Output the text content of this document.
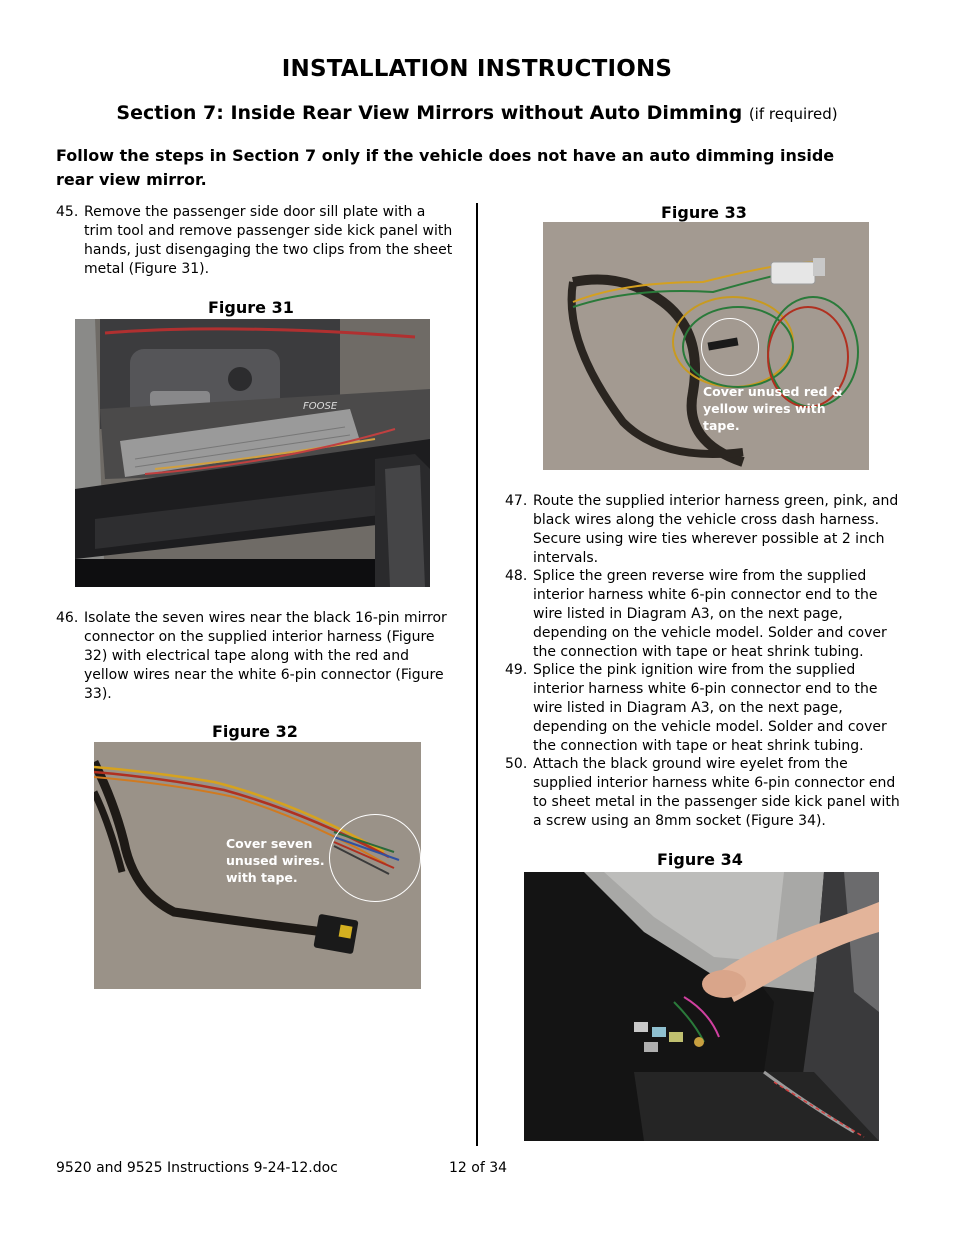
INSTALLATION INSTRUCTIONS
Section 7: Inside Rear View Mirrors without Auto Dimming (if required)
Follow the steps in Section 7 only if the vehicle does not have an auto dimming inside
rear view mirror.
45. Remove the passenger side door sill plate with a
trim tool and remove passenger side kick panel with
hands, just disengaging the two clips from the sheet
metal (Figure 31).
Figure 31
FOOSE
46. Isolate the seven wires near the black 16-pin mirror
connector on the supplied interior harness (Figure
32) with electrical tape along with the red and
yellow wires near the white 6-pin connector (Figure
33).
Figure 32
Cover seven
unused wires.
with tape.
Figure 33
Cover unused red &
yellow wires with
tape.
47. Route the supplied interior harness green, pink, and
black wires along the vehicle cross dash harness.
Secure using wire ties wherever possible at 2 inch
intervals.
48. Splice the green reverse wire from the supplied
interior harness white 6-pin connector end to the
wire listed in Diagram A3, on the next page,
depending on the vehicle model. Solder and cover
the connection with tape or heat shrink tubing.
49. Splice the pink ignition wire from the supplied
interior harness white 6-pin connector end to the
wire listed in Diagram A3, on the next page,
depending on the vehicle model. Solder and cover
the connection with tape or heat shrink tubing.
50. Attach the black ground wire eyelet from the
supplied interior harness white 6-pin connector end
to sheet metal in the passenger side kick panel with
a screw using an 8mm socket (Figure 34).
Figure 34
9520 and 9525 Instructions 9-24-12.doc	12 of 34
